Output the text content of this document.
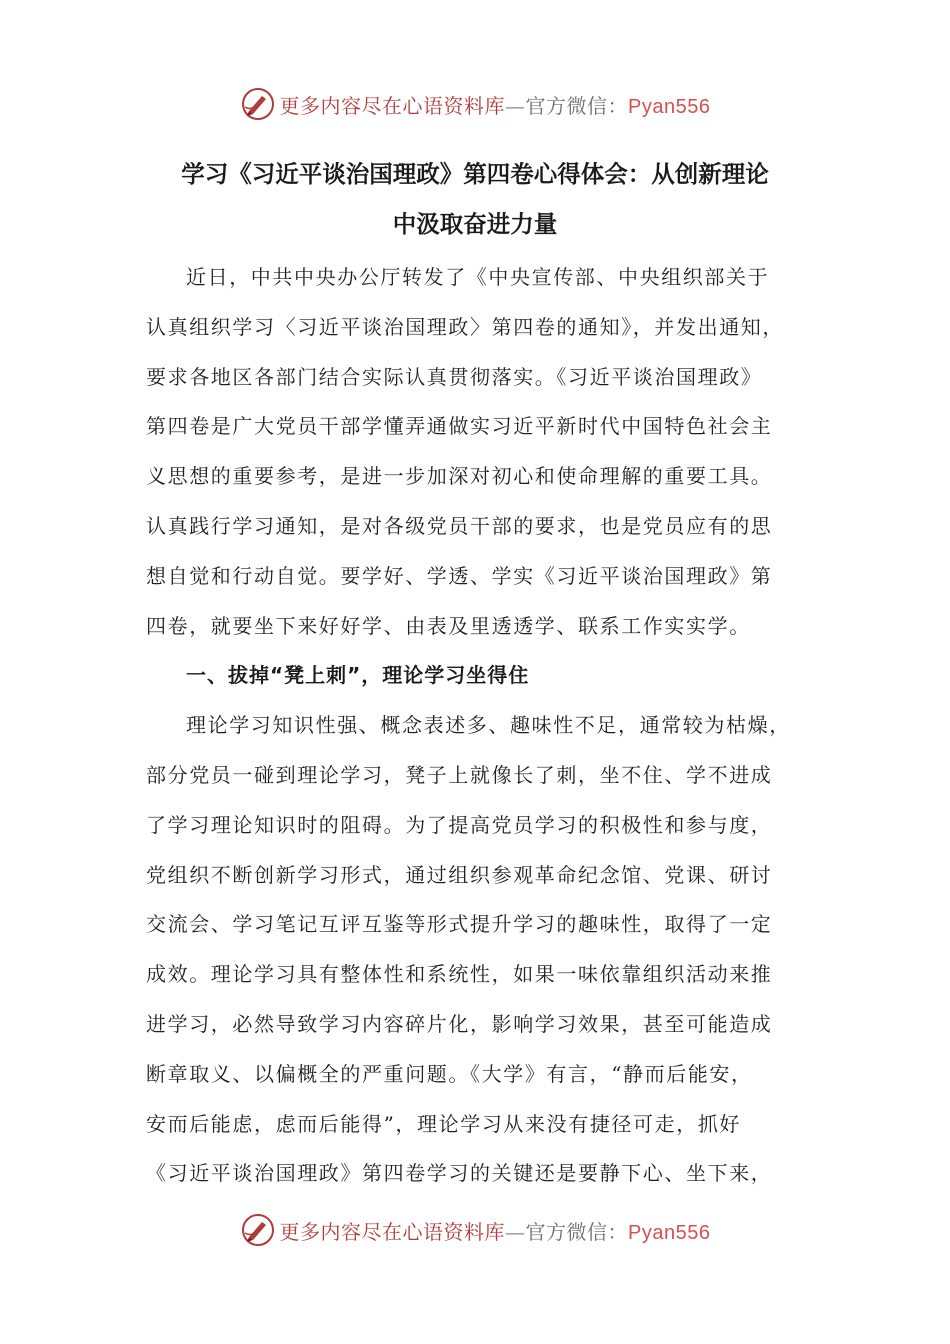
更多内容尽在心语资料库—官方微信：Pyan556
学习《习近平谈治国理政》第四卷心得体会：从创新理论
中汲取奋进力量
近日，中共中央办公厅转发了《中央宣传部、中央组织部关于
认真组织学习〈习近平谈治国理政〉第四卷的通知》，并发出通知，
要求各地区各部门结合实际认真贯彻落实。《习近平谈治国理政》
第四卷是广大党员干部学懂弄通做实习近平新时代中国特色社会主
义思想的重要参考，是进一步加深对初心和使命理解的重要工具。
认真践行学习通知，是对各级党员干部的要求，也是党员应有的思
想自觉和行动自觉。要学好、学透、学实《习近平谈治国理政》第
四卷，就要坐下来好好学、由表及里透透学、联系工作实实学。
一、拔掉“凳上刺”，理论学习坐得住
理论学习知识性强、概念表述多、趣味性不足，通常较为枯燥，
部分党员一碰到理论学习，凳子上就像长了刺，坐不住、学不进成
了学习理论知识时的阻碍。为了提高党员学习的积极性和参与度，
党组织不断创新学习形式，通过组织参观革命纪念馆、党课、研讨
交流会、学习笔记互评互鉴等形式提升学习的趣味性，取得了一定
成效。理论学习具有整体性和系统性，如果一味依靠组织活动来推
进学习，必然导致学习内容碎片化，影响学习效果，甚至可能造成
断章取义、以偏概全的严重问题。《大学》有言，“静而后能安，
安而后能虑，虑而后能得”，理论学习从来没有捷径可走，抓好
《习近平谈治国理政》第四卷学习的关键还是要静下心、坐下来，
更多内容尽在心语资料库—官方微信：Pyan556
